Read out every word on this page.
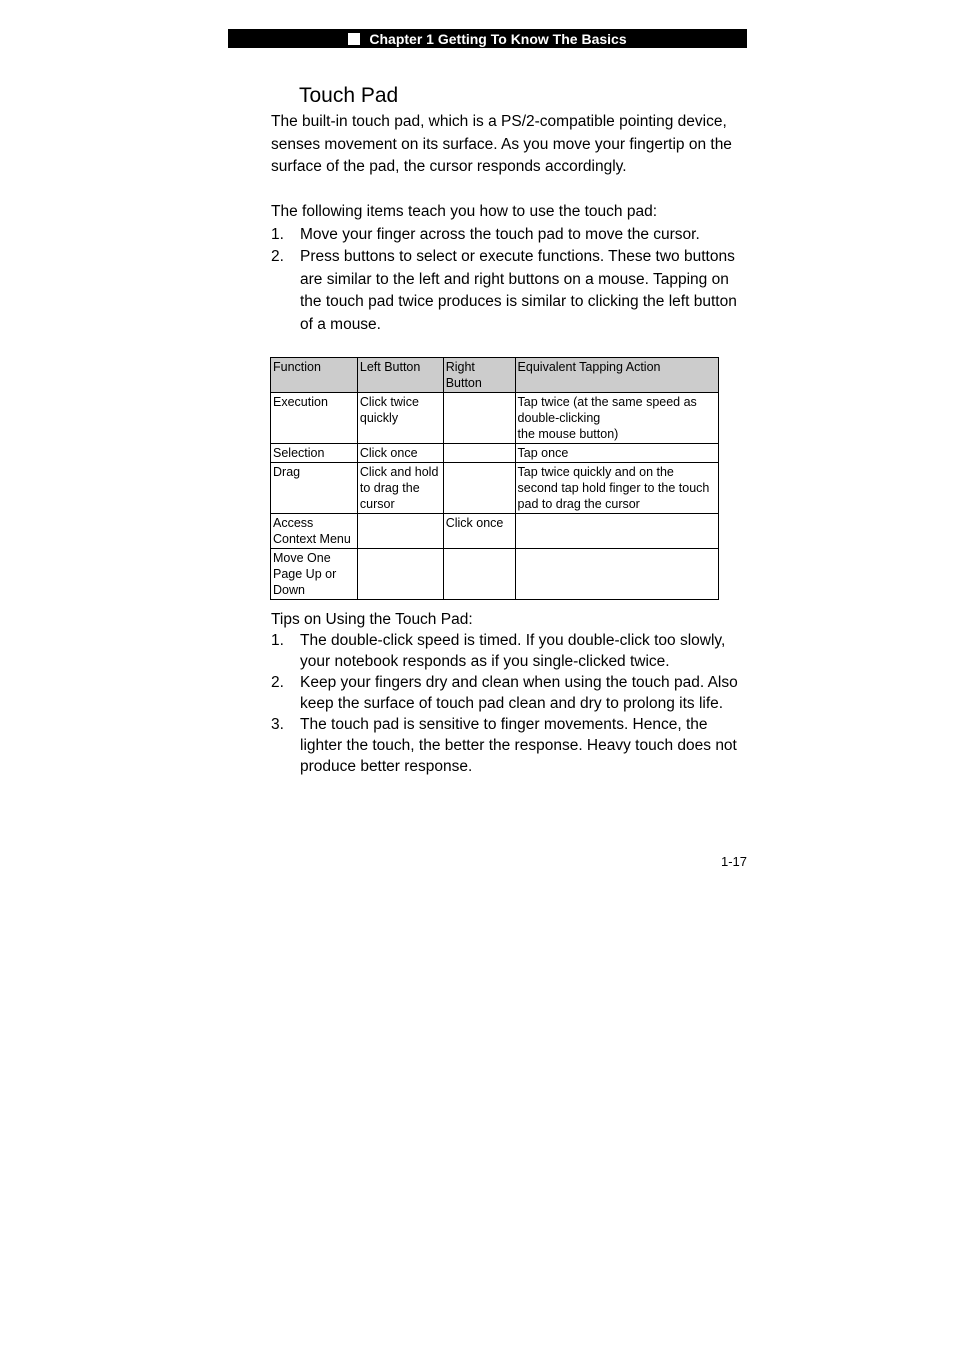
Chapter 1 Getting To Know The Basics
Touch Pad

The built-in touch pad, which is a PS/2-compatible pointing device, senses movement on its surface. As you move your fingertip on the surface of the pad, the cursor responds accordingly.

The following items teach you how to use the touch pad:

1. Move your finger across the touch pad to move the cursor.
2. Press buttons to select or execute functions. These two buttons are similar to the left and right buttons on a mouse. Tapping on the touch pad twice produces is similar to clicking the left button of a mouse.
Function	Left Button	Right Button	Equivalent Tapping Action
Execution	Click twice quickly		Tap twice (at the same speed as double-clicking
the mouse button)
Selection	Click once		Tap once
Drag	Click and hold to drag the cursor		Tap twice quickly and on the second tap hold finger to the touch pad to drag the cursor
Access Context Menu		Click once	
Move One Page Up or Down			

Tips on Using the Touch Pad:

1. The double-click speed is timed. If you double-click too slowly, your notebook responds as if you single-clicked twice.
2. Keep your fingers dry and clean when using the touch pad. Also keep the surface of touch pad clean and dry to prolong its life.
3. The touch pad is sensitive to finger movements. Hence, the lighter the touch, the better the response. Heavy touch does not produce better response.
1-17
